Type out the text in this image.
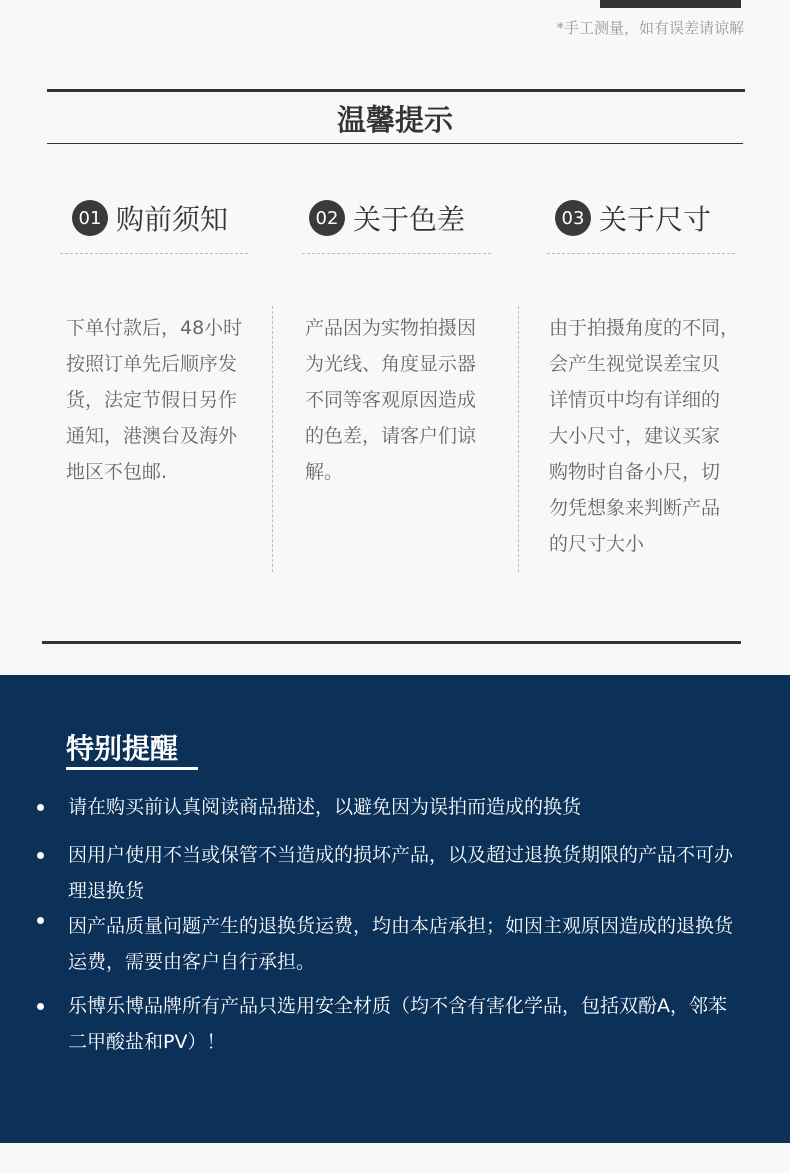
*手工测量，如有误差请谅解
温馨提示
01 购前须知
下单付款后，48小时
按照订单先后顺序发
货，法定节假日另作
通知，港澳台及海外
地区不包邮.
02 关于色差
产品因为实物拍摄因
为光线、角度显示器
不同等客观原因造成
的色差，请客户们谅
解。
03 关于尺寸
由于拍摄角度的不同，
会产生视觉误差宝贝
详情页中均有详细的
大小尺寸，建议买家
购物时自备小尺，切
勿凭想象来判断产品
的尺寸大小
特别提醒
请在购买前认真阅读商品描述，以避免因为误拍而造成的换货
因用户使用不当或保管不当造成的损坏产品，以及超过退换货期限的产品不可办理退换货
因产品质量问题产生的退换货运费，均由本店承担；如因主观原因造成的退换货运费，需要由客户自行承担。
乐博乐博品牌所有产品只选用安全材质（均不含有害化学品，包括双酚A，邻苯二甲酸盐和PV）！
